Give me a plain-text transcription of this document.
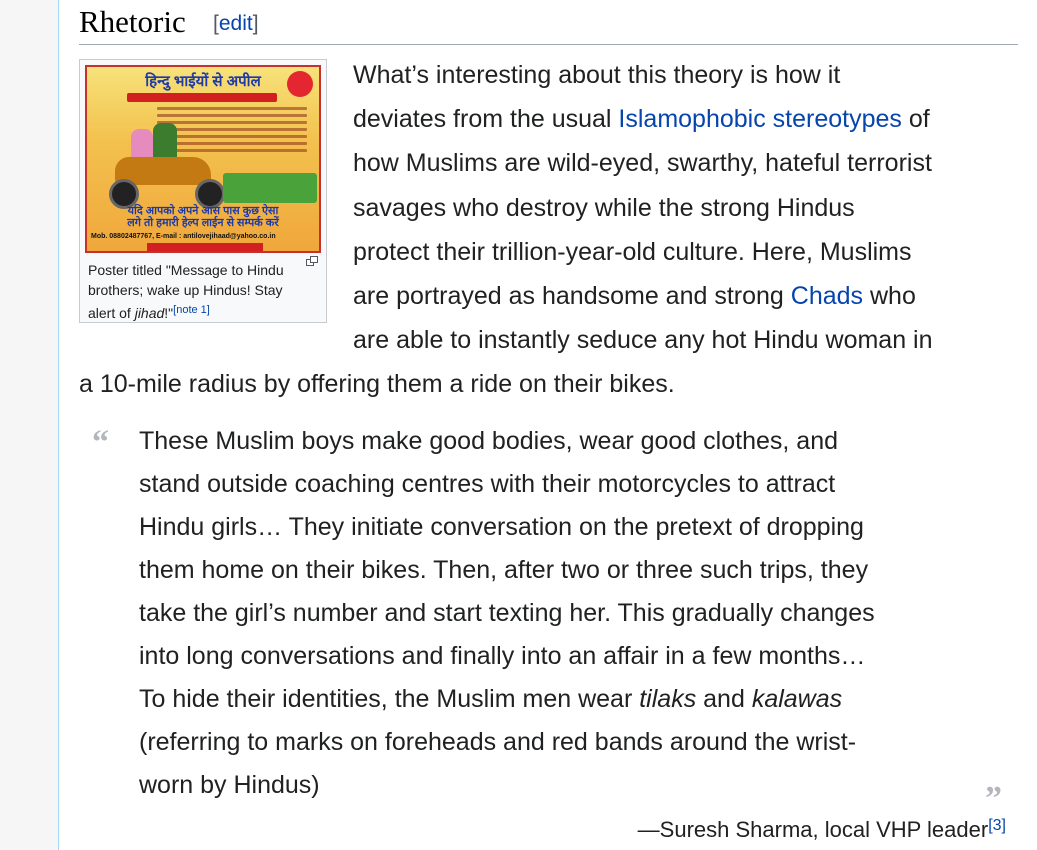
Rhetoric [edit]
हिन्दु भाईयों से अपील
यदि आपको अपने आस पास कुछ ऐसा
लगे तो हमारी हेल्प लाईन से सम्पर्क करें
Mob. 08802487767, E-mail : antilovejihaad@yahoo.co.in
Poster titled "Message to Hindu brothers; wake up Hindus! Stay alert of jihad!"[note 1]
What’s interesting about this theory is how it
deviates from the usual Islamophobic stereotypes of
how Muslims are wild-eyed, swarthy, hateful terrorist
savages who destroy while the strong Hindus
protect their trillion-year-old culture. Here, Muslims
are portrayed as handsome and strong Chads who
are able to instantly seduce any hot Hindu woman in
a 10-mile radius by offering them a ride on their bikes.
“ These Muslim boys make good bodies, wear good clothes, and
stand outside coaching centres with their motorcycles to attract
Hindu girls… They initiate conversation on the pretext of dropping
them home on their bikes. Then, after two or three such trips, they
take the girl’s number and start texting her. This gradually changes
into long conversations and finally into an affair in a few months…
To hide their identities, the Muslim men wear tilaks and kalawas
(referring to marks on foreheads and red bands around the wrist-
worn by Hindus)	”
—Suresh Sharma, local VHP leader[3]
